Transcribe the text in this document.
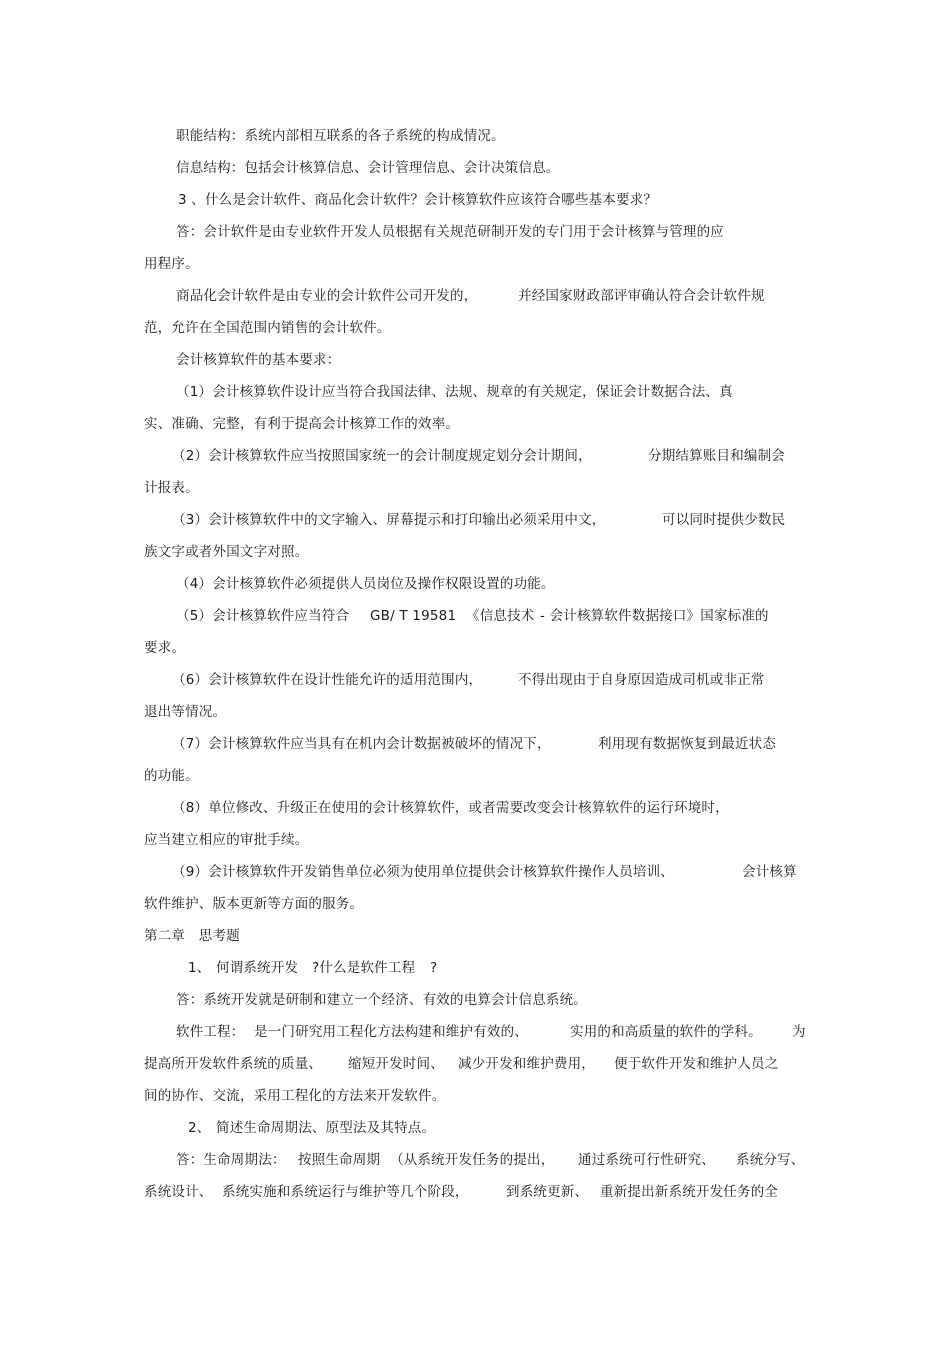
职能结构：系统内部相互联系的各子系统的构成情况。
信息结构：包括会计核算信息、会计管理信息、会计决策信息。
3 、什么是会计软件、商品化会计软件？会计核算软件应该符合哪些基本要求？
答：会计软件是由专业软件开发人员根据有关规范研制开发的专门用于会计核算与管理的应
用程序。
商品化会计软件是由专业的会计软件公司开发的，	并经国家财政部评审确认符合会计软件规
范，允许在全国范围内销售的会计软件。
会计核算软件的基本要求：
（1）会计核算软件设计应当符合我国法律、法规、规章的有关规定，保证会计数据合法、真
实、准确、完整，有利于提高会计核算工作的效率。
（2）会计核算软件应当按照国家统一的会计制度规定划分会计期间，	分期结算账目和编制会
计报表。
（3）会计核算软件中的文字输入、屏幕提示和打印输出必须采用中文，	可以同时提供少数民
族文字或者外国文字对照。
（4）会计核算软件必须提供人员岗位及操作权限设置的功能。
（5）会计核算软件应当符合 GB∕ T 19581 《信息技术 - 会计核算软件数据接口》国家标准的
要求。
（6）会计核算软件在设计性能允许的适用范围内，	不得出现由于自身原因造成司机或非正常
退出等情况。
（7）会计核算软件应当具有在机内会计数据被破坏的情况下，	利用现有数据恢复到最近状态
的功能。
（8）单位修改、升级正在使用的会计核算软件，或者需要改变会计核算软件的运行环境时，
应当建立相应的审批手续。
（9）会计核算软件开发销售单位必须为使用单位提供会计核算软件操作人员培训、	会计核算
软件维护、版本更新等方面的服务。
第二章　思考题
1、 何谓系统开发 ?什么是软件工程 ?
答：系统开发就是研制和建立一个经济、有效的电算会计信息系统。
软件工程： 是一门研究用工程化方法构建和维护有效的、	实用的和高质量的软件的学科。 为
提高所开发软件系统的质量、 缩短开发时间、 减少开发和维护费用， 便于软件开发和维护人员之
间的协作、交流，采用工程化的方法来开发软件。
2、 简述生命周期法、原型法及其特点。
答：生命周期法： 按照生命周期 （从系统开发任务的提出， 通过系统可行性研究、 系统分写、
系统设计、 系统实施和系统运行与维护等几个阶段，	到系统更新、 重新提出新系统开发任务的全
